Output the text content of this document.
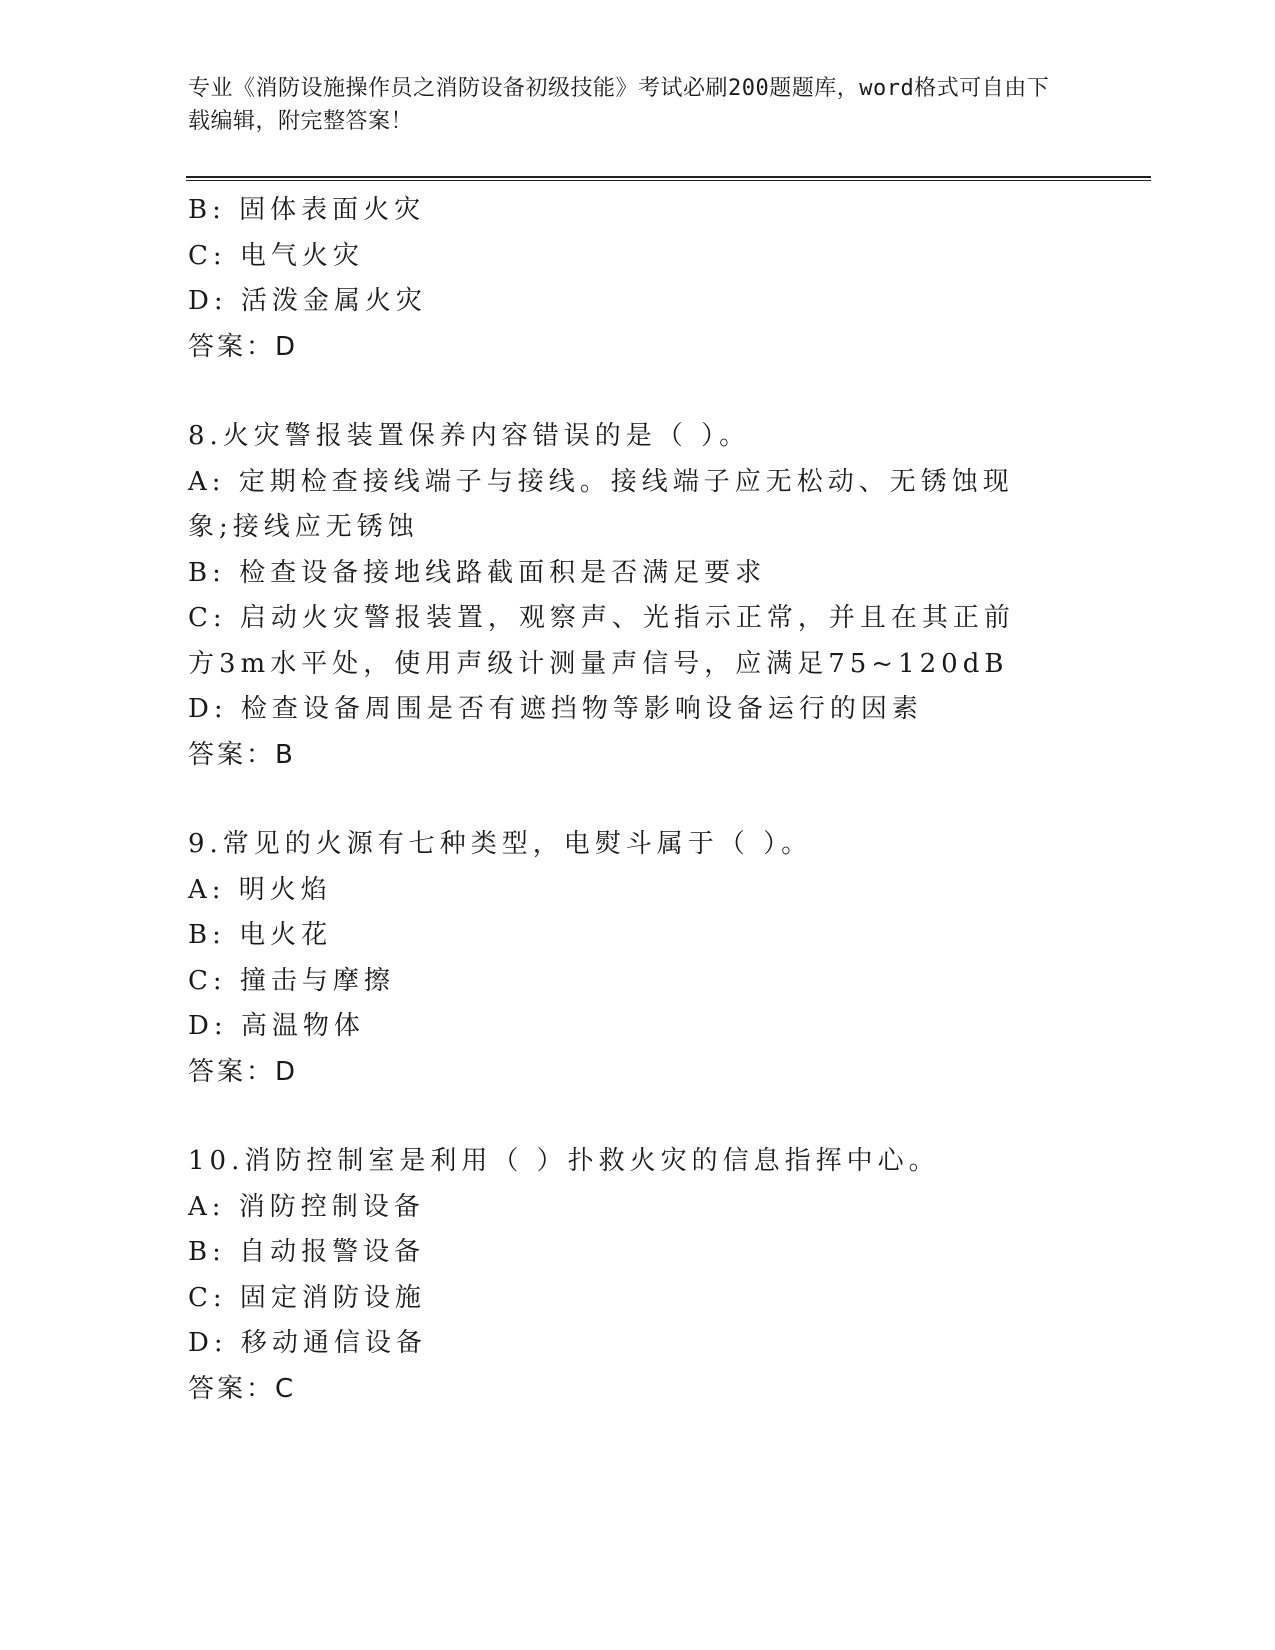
专业《消防设施操作员之消防设备初级技能》考试必刷200题题库，word格式可自由下载编辑，附完整答案！
B: 固体表面火灾
C: 电气火灾
D: 活泼金属火灾
答案：D
8.火灾警报装置保养内容错误的是（ ）。
A: 定期检查接线端子与接线。接线端子应无松动、无锈蚀现象;接线应无锈蚀
B: 检查设备接地线路截面积是否满足要求
C: 启动火灾警报装置，观察声、光指示正常，并且在其正前方3m水平处，使用声级计测量声信号，应满足75~120dB
D: 检查设备周围是否有遮挡物等影响设备运行的因素
答案：B
9.常见的火源有七种类型，电熨斗属于（ ）。
A: 明火焰
B: 电火花
C: 撞击与摩擦
D: 高温物体
答案：D
10.消防控制室是利用（ ）扑救火灾的信息指挥中心。
A: 消防控制设备
B: 自动报警设备
C: 固定消防设施
D: 移动通信设备
答案：C
